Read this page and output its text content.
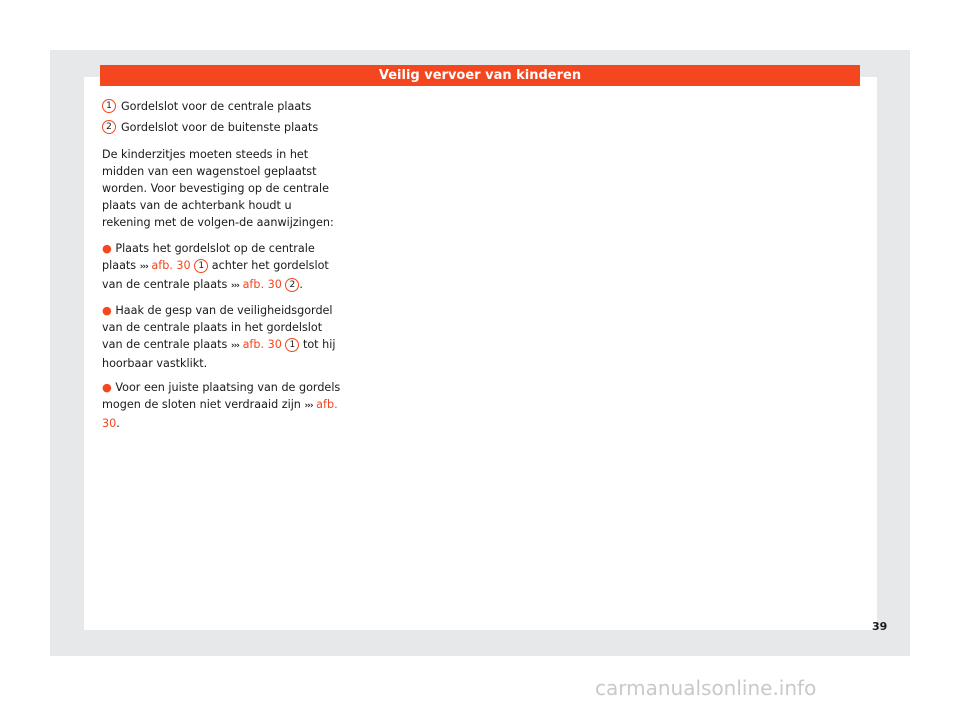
Veilig vervoer van kinderen
1 Gordelslot voor de centrale plaats
2 Gordelslot voor de buitenste plaats

De kinderzitjes moeten steeds in het midden van een wagenstoel geplaatst worden. Voor bevestiging op de centrale plaats van de achterbank houdt u rekening met de volgen-de aanwijzingen:

● Plaats het gordelslot op de centrale plaats ››› afb. 30 1 achter het gordelslot van de centrale plaats ››› afb. 30 2 .

● Haak de gesp van de veiligheidsgordel van de centrale plaats in het gordelslot van de centrale plaats ››› afb. 30 1 tot hij hoorbaar vastklikt.

● Voor een juiste plaatsing van de gordels mogen de sloten niet verdraaid zijn ››› afb. 30.

39
carmanualsonline.info
